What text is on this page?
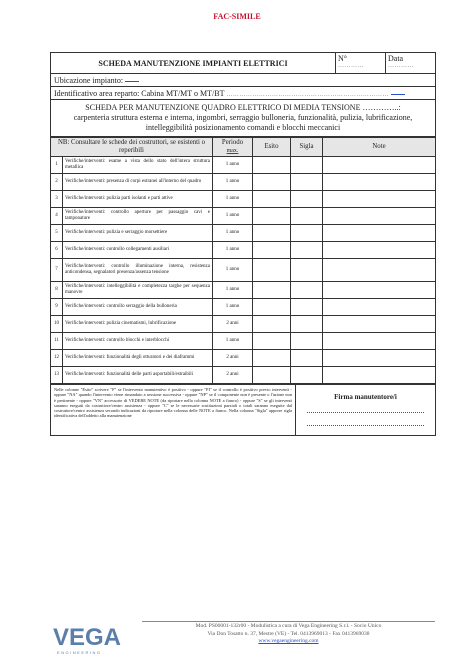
FAC-SIMILE
SCHEDA MANUTENZIONE IMPIANTI ELETTRICI	N°
…………

Data
…………

Ubicazione impianto:
Identificativo area reparto: Cabina MT/MT o MT/BT …………………………………………………………………

SCHEDA PER MANUTENZIONE QUADRO ELETTRICO DI MEDIA TENSIONE …………..:
carpenteria struttura esterna e interna, ingombri, serraggio bulloneria, funzionalità, pulizia, lubrificazione, intelleggibilità posizionamento comandi e blocchi meccanici
NB: Consultare le schede dei costruttori, se esistenti o reperibili		Periodo
max.	Esito	Sigla	Note
1	Verifiche/interventi: esame a vista dello stato dell'intera struttura metallica	1 anno			
2	Verifiche/interventi: presenza di corpi estranei all'interno del quadro	1 anno			
3	Verifiche/interventi: pulizia parti isolanti e parti attive	1 anno			
4	Verifiche/interventi: controllo aperture per passaggio cavi e tamponature	1 anno			
5	Verifiche/interventi: pulizia e serraggio morsettiere	1 anno			
6	Verifiche/interventi: controllo collegamenti ausiliari	1 anno			
7	Verifiche/interventi: controllo illuminazione interna, resistenza anticondensa, segnalatori presenza/assenza tensione	1 anno			
8	Verifiche/interventi: intelleggibilità e completezza targhe per sequenza manovre	1 anno			
9	Verifiche/interventi: controllo serraggio della bulloneria	1 anno			
10	Verifiche/interventi: pulizia cinematismi, lubrificazione	2 anni			
11	Verifiche/interventi: controllo blocchi e interblocchi	1 anno			
12	Verifiche/interventi: funzionalità degli otturatori e dei diaframmi	2 anni			
13	Verifiche/interventi: funzionalità delle parti asportabili/estraibili	2 anni			
Nelle colonne "Esito" scrivere "F" se l'intervento manutentivo è positivo - oppure "PI" se il controllo è positivo previo interventi - oppure "NA" quando l'intervento viene rimandato a sessione successiva - oppure "NP" se il componente non è presente o l'azione non è pertinente - oppure "VN" accessorie di VEDERE NOTE (da riportare nella colonna NOTE a fianco) - oppure "S" se gli interventi saranno eseguiti da costruttore/centro assistenza - oppure "C" se le necessarie sostituzioni parziali o totali saranno eseguite dal costruttore/centro assistenza secondo indicazioni da riportare nella colonna delle NOTE a fianco. Nella colonna "Sigla" apporre sigla identificativa dell'addetto alla manutenzione	
Firma manutentore/i
VEGA
ENGINEERING
Mod. PS00001-132r00 - Modulistica a cura di Vega Engineering S.r.l. - Socio Unico
Via Don Tosatto n. 37, Mestre (VE) - Tel. 0413969013 - Fax 0413969038
www.vegaengineering.com
